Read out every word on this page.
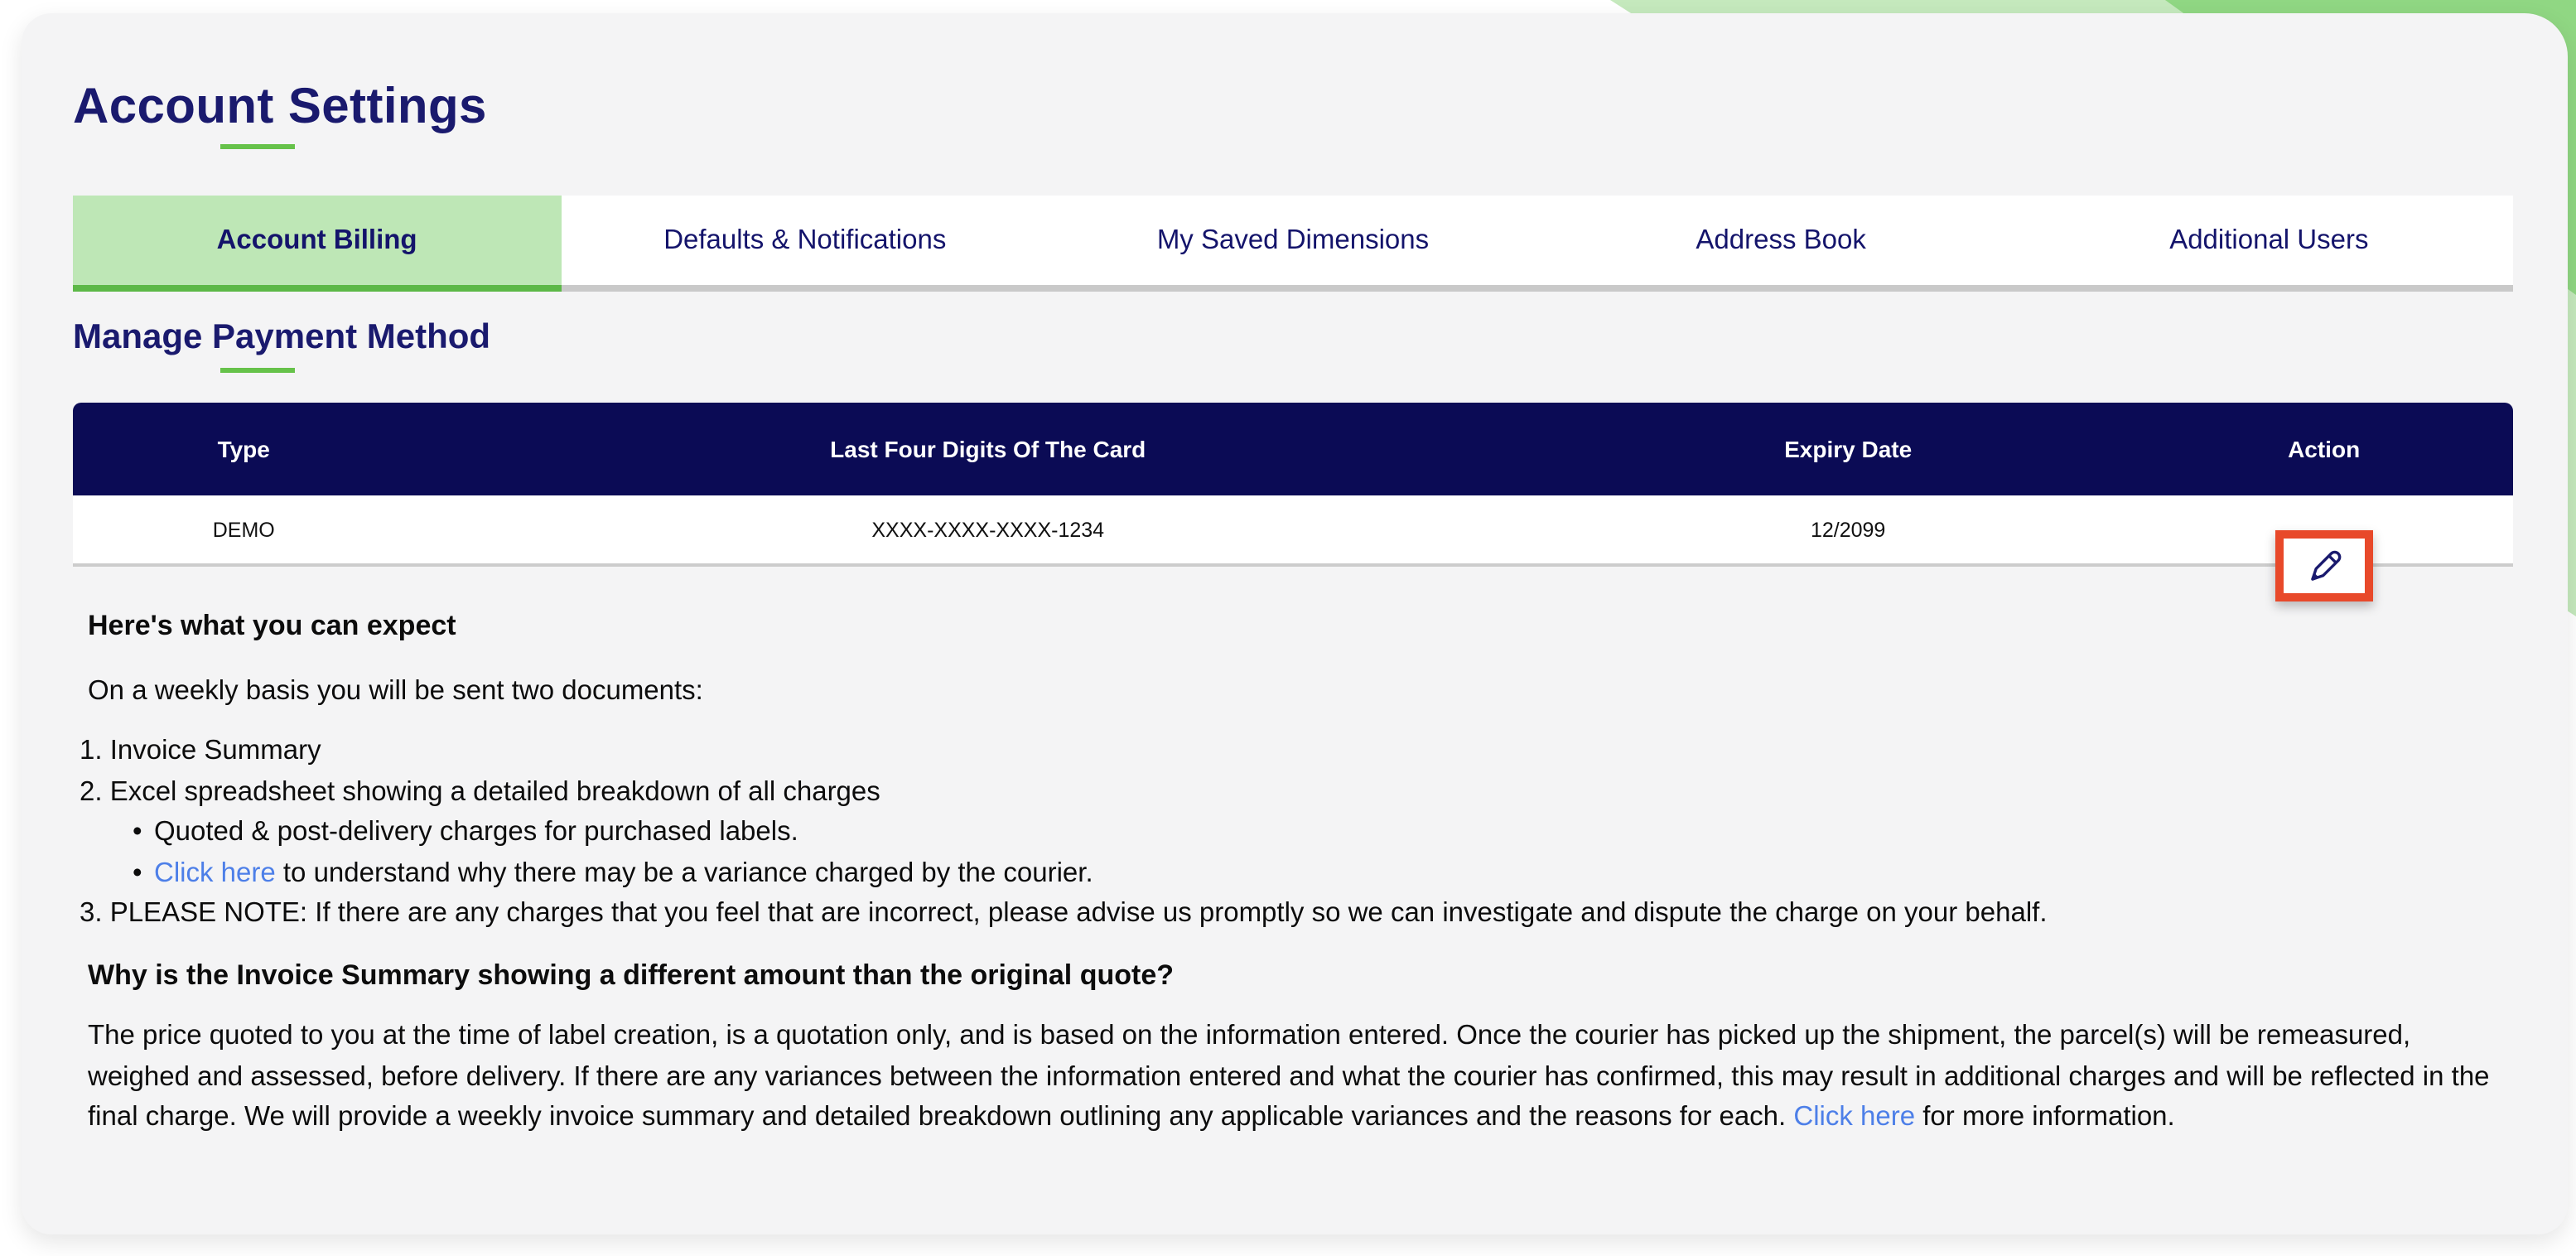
Account Settings
Account Billing	Defaults & Notifications	My Saved Dimensions	Address Book	Additional Users
Manage Payment Method
Type	Last Four Digits Of The Card	Expiry Date	Action
DEMO	XXXX-XXXX-XXXX-1234	12/2099
Here's what you can expect
On a weekly basis you will be sent two documents:
1. Invoice Summary
2. Excel spreadsheet showing a detailed breakdown of all charges
• Quoted & post-delivery charges for purchased labels.
• Click here to understand why there may be a variance charged by the courier.
3. PLEASE NOTE: If there are any charges that you feel that are incorrect, please advise us promptly so we can investigate and dispute the charge on your behalf.
Why is the Invoice Summary showing a different amount than the original quote?
The price quoted to you at the time of label creation, is a quotation only, and is based on the information entered. Once the courier has picked up the shipment, the parcel(s) will be remeasured, weighed and assessed, before delivery. If there are any variances between the information entered and what the courier has confirmed, this may result in additional charges and will be reflected in the final charge. We will provide a weekly invoice summary and detailed breakdown outlining any applicable variances and the reasons for each. Click here for more information.
